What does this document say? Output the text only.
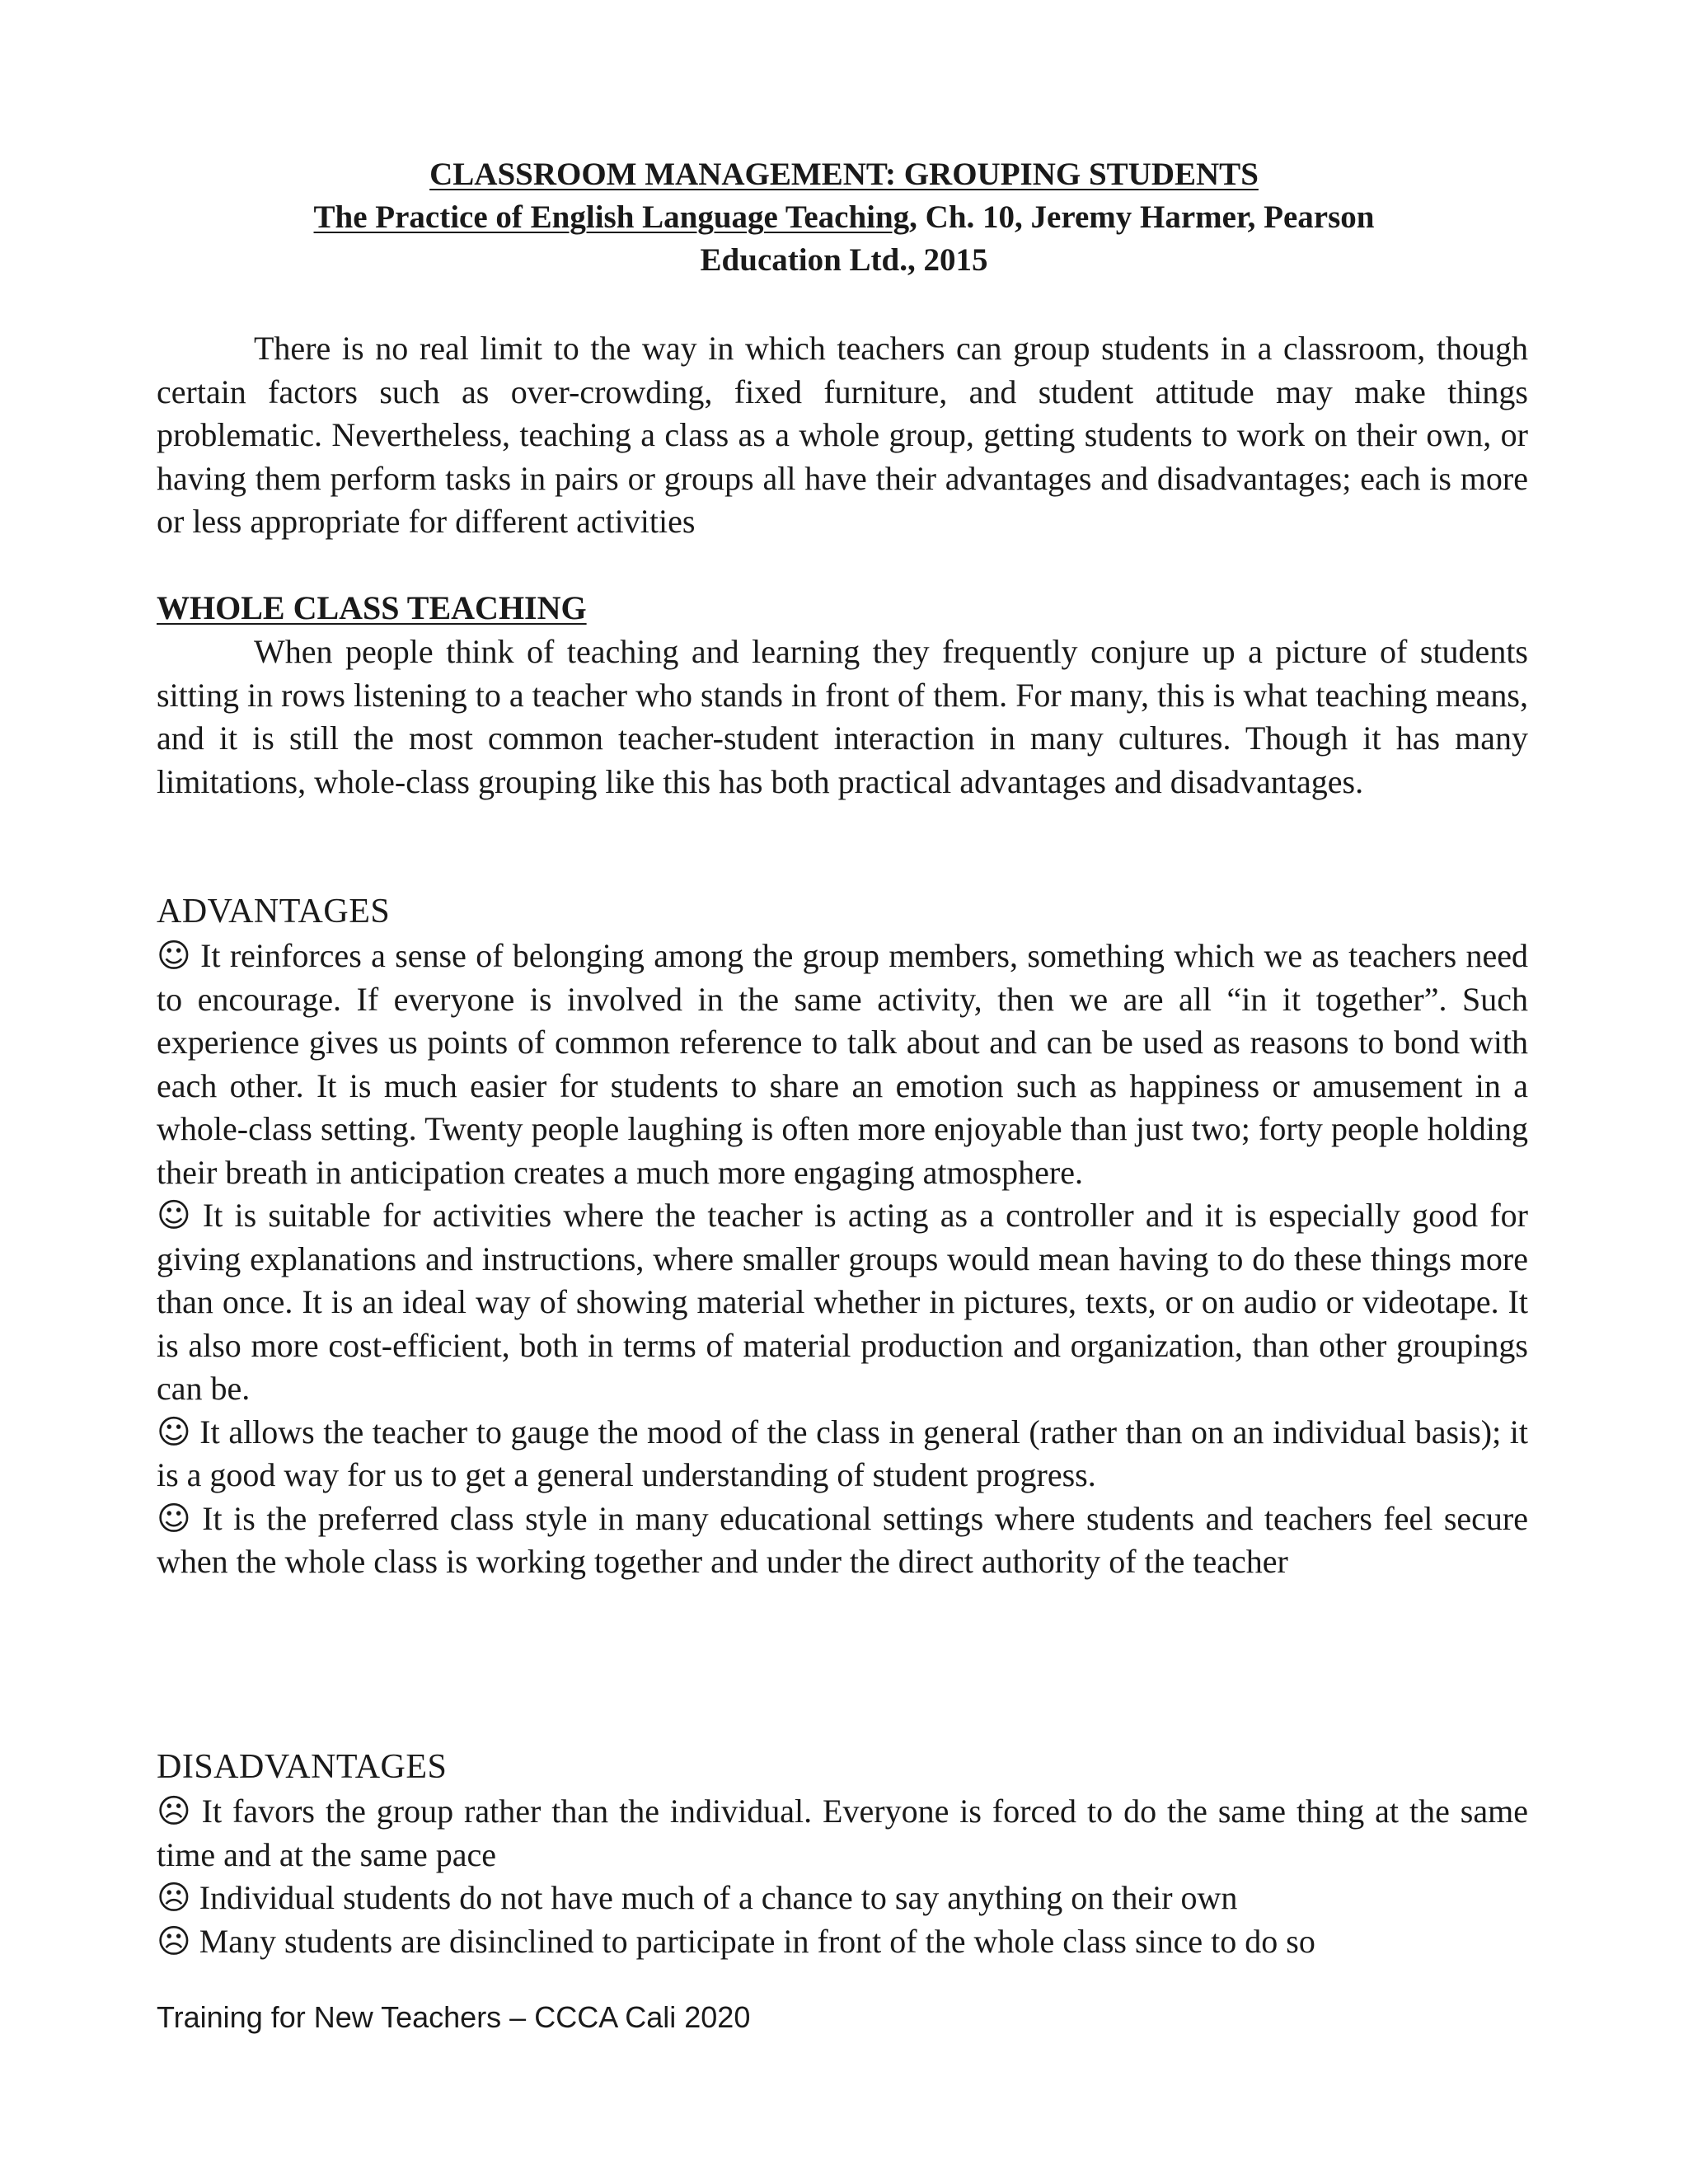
CLASSROOM MANAGEMENT: GROUPING STUDENTS
The Practice of English Language Teaching, Ch. 10, Jeremy Harmer, Pearson
Education Ltd., 2015

There is no real limit to the way in which teachers can group students in a classroom, though certain factors such as over-crowding, fixed furniture, and student attitude may make things problematic. Nevertheless, teaching a class as a whole group, getting students to work on their own, or having them perform tasks in pairs or groups all have their advantages and disadvantages; each is more or less appropriate for different activities

WHOLE CLASS TEACHING

When people think of teaching and learning they frequently conjure up a picture of students sitting in rows listening to a teacher who stands in front of them. For many, this is what teaching means, and it is still the most common teacher-student interaction in many cultures. Though it has many limitations, whole-class grouping like this has both practical advantages and disadvantages.

ADVANTAGES

☺ It reinforces a sense of belonging among the group members, something which we as teachers need to encourage. If everyone is involved in the same activity, then we are all “in it together”. Such experience gives us points of common reference to talk about and can be used as reasons to bond with each other. It is much easier for students to share an emotion such as happiness or amusement in a whole-class setting. Twenty people laughing is often more enjoyable than just two; forty people holding their breath in anticipation creates a much more engaging atmosphere.

☺ It is suitable for activities where the teacher is acting as a controller and it is especially good for giving explanations and instructions, where smaller groups would mean having to do these things more than once. It is an ideal way of showing material whether in pictures, texts, or on audio or videotape. It is also more cost-efficient, both in terms of material production and organization, than other groupings can be.

☺ It allows the teacher to gauge the mood of the class in general (rather than on an individual basis); it is a good way for us to get a general understanding of student progress.

☺ It is the preferred class style in many educational settings where students and teachers feel secure when the whole class is working together and under the direct authority of the teacher

DISADVANTAGES

☹ It favors the group rather than the individual. Everyone is forced to do the same thing at the same time and at the same pace

☹ Individual students do not have much of a chance to say anything on their own

☹ Many students are disinclined to participate in front of the whole class since to do so

Training for New Teachers – CCCA Cali 2020
